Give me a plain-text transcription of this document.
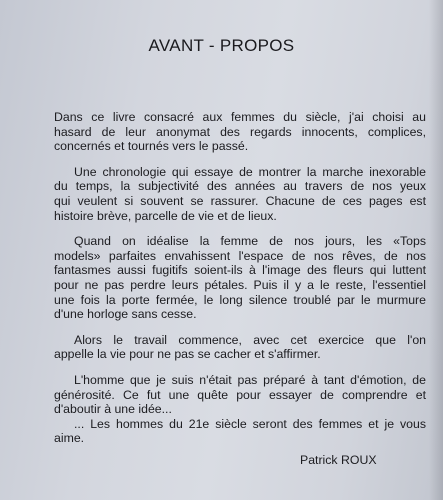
AVANT - PROPOS

Dans ce livre consacré aux femmes du siècle, j'ai choisi au
hasard de leur anonymat des regards innocents, complices,
concernés et tournés vers le passé.

Une chronologie qui essaye de montrer la marche inexorable
du temps, la subjectivité des années au travers de nos yeux
qui veulent si souvent se rassurer. Chacune de ces pages est
histoire brève, parcelle de vie et de lieux.

Quand on idéalise la femme de nos jours, les «Tops
models» parfaites envahissent l'espace de nos rêves, de nos
fantasmes aussi fugitifs soient-ils à l'image des fleurs qui luttent
pour ne pas perdre leurs pétales. Puis il y a le reste, l'essentiel
une fois la porte fermée, le long silence troublé par le murmure
d'une horloge sans cesse.

Alors le travail commence, avec cet exercice que l'on
appelle la vie pour ne pas se cacher et s'affirmer.

L'homme que je suis n'était pas préparé à tant d'émotion, de
générosité. Ce fut une quête pour essayer de comprendre et
d'aboutir à une idée...

... Les hommes du 21e siècle seront des femmes et je vous
aime.

Patrick ROUX
